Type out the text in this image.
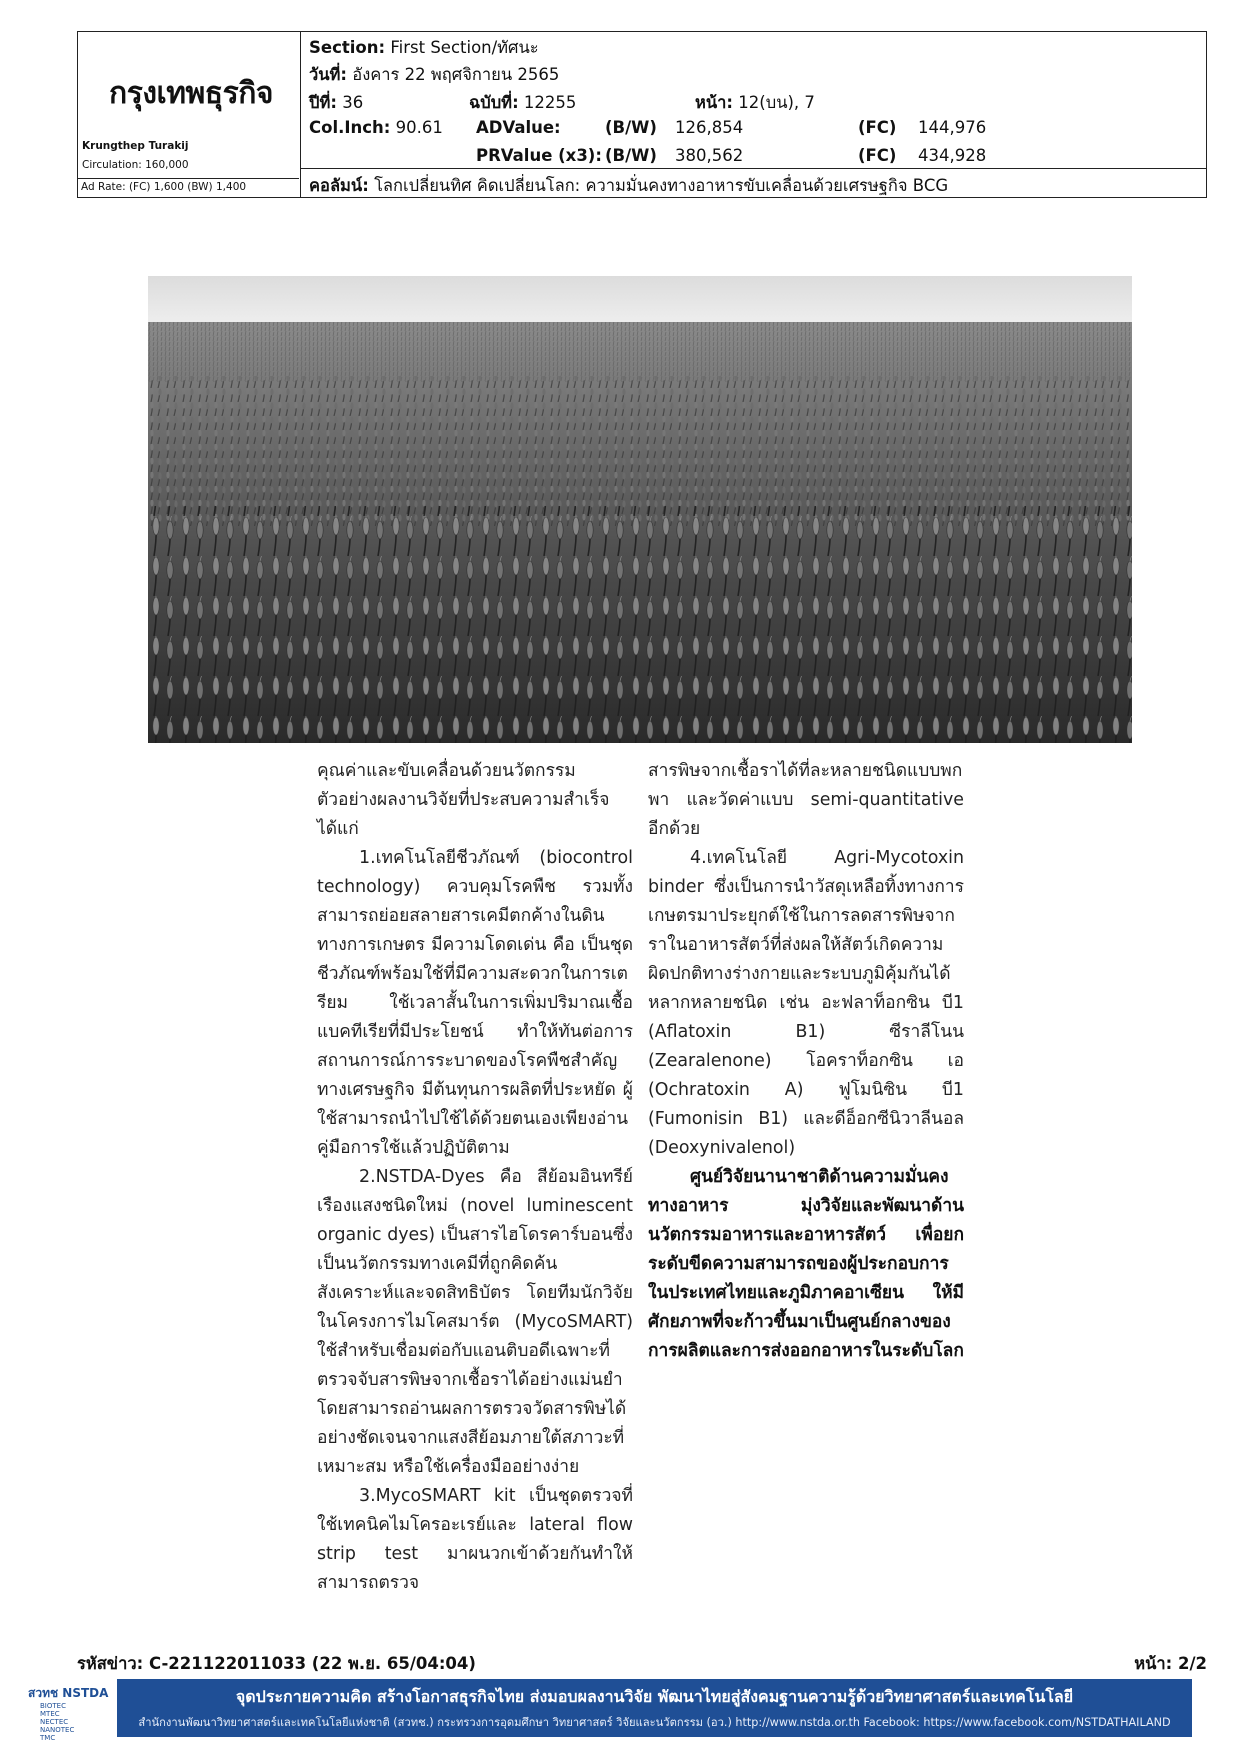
กรุงเทพธุรกิจ
Krungthep Turakij
Circulation: 160,000
Ad Rate: (FC) 1,600 (BW) 1,400
Section: First Section/ทัศนะ
วันที่: อังคาร 22 พฤศจิกายน 2565
ปีที่: 36	ฉบับที่: 12255	หน้า: 12(บน), 7
Col.Inch: 90.61 ADValue:	(B/W) 126,854	(FC) 144,976
PRValue (x3): (B/W) 380,562	(FC) 434,928
คอลัมน์: โลกเปลี่ยนทิศ คิดเปลี่ยนโลก: ความมั่นคงทางอาหารขับเคลื่อนด้วยเศรษฐกิจ BCG

คุณค่าและขับเคลื่อนด้วยนวัตกรรม ตัวอย่างผลงานวิจัยที่ประสบความสำเร็จ ได้แก่

1.เทคโนโลยีชีวภัณฑ์ (biocontrol technology) ควบคุมโรคพืช รวมทั้งสามารถย่อยสลายสารเคมีตกค้างในดินทางการเกษตร มีความโดดเด่น คือ เป็นชุดชีวภัณฑ์พร้อมใช้ที่มีความสะดวกในการเตรียม ใช้เวลาสั้นในการเพิ่มปริมาณเชื้อแบคทีเรียที่มีประโยชน์ ทำให้ทันต่อการสถานการณ์การระบาดของโรคพืชสำคัญทางเศรษฐกิจ มีต้นทุนการผลิตที่ประหยัด ผู้ใช้สามารถนำไปใช้ได้ด้วยตนเองเพียงอ่านคู่มือการใช้แล้วปฏิบัติตาม

2.NSTDA-Dyes คือ สีย้อมอินทรีย์เรืองแสงชนิดใหม่ (novel luminescent organic dyes) เป็นสารไฮโดรคาร์บอนซึ่งเป็นนวัตกรรมทางเคมีที่ถูกคิดค้น สังเคราะห์และจดสิทธิบัตร โดยทีมนักวิจัยในโครงการไมโคสมาร์ต (MycoSMART) ใช้สำหรับเชื่อมต่อกับแอนติบอดีเฉพาะที่ตรวจจับสารพิษจากเชื้อราได้อย่างแม่นยำ โดยสามารถอ่านผลการตรวจวัดสารพิษได้อย่างชัดเจนจากแสงสีย้อมภายใต้สภาวะที่เหมาะสม หรือใช้เครื่องมืออย่างง่าย

3.MycoSMART kit เป็นชุดตรวจที่ใช้เทคนิคไมโครอะเรย์และ lateral flow strip test มาผนวกเข้าด้วยกันทำให้สามารถตรวจ

สารพิษจากเชื้อราได้ที่ละหลายชนิดแบบพกพา และวัดค่าแบบ semi-quantitative อีกด้วย

4.เทคโนโลยี Agri-Mycotoxin binder ซึ่งเป็นการนำวัสดุเหลือทิ้งทางการเกษตรมาประยุกต์ใช้ในการลดสารพิษจากราในอาหารสัตว์ที่ส่งผลให้สัตว์เกิดความผิดปกติทางร่างกายและระบบภูมิคุ้มกันได้หลากหลายชนิด เช่น อะฟลาท็อกซิน บี1 (Aflatoxin B1) ซีราลีโนน (Zearalenone) โอคราท็อกซิน เอ (Ochratoxin A) ฟูโมนิซิน บี1 (Fumonisin B1) และดีอ็อกซีนิวาลีนอล (Deoxynivalenol)

ศูนย์วิจัยนานาชาติด้านความมั่นคงทางอาหาร มุ่งวิจัยและพัฒนาด้านนวัตกรรมอาหารและอาหารสัตว์ เพื่อยกระดับขีดความสามารถของผู้ประกอบการในประเทศไทยและภูมิภาคอาเซียน ให้มีศักยภาพที่จะก้าวขึ้นมาเป็นศูนย์กลางของการผลิตและการส่งออกอาหารในระดับโลก

รหัสข่าว: C-221122011033 (22 พ.ย. 65/04:04)	หน้า: 2/2
สวทช NSTDA
BIOTEC
MTEC
NECTEC
NANOTEC
TMC
จุดประกายความคิด สร้างโอกาสธุรกิจไทย ส่งมอบผลงานวิจัย พัฒนาไทยสู่สังคมฐานความรู้ด้วยวิทยาศาสตร์และเทคโนโลยี
สำนักงานพัฒนาวิทยาศาสตร์และเทคโนโลยีแห่งชาติ (สวทช.) กระทรวงการอุดมศึกษา วิทยาศาสตร์ วิจัยและนวัตกรรม (อว.) http://www.nstda.or.th Facebook: https://www.facebook.com/NSTDATHAILAND
